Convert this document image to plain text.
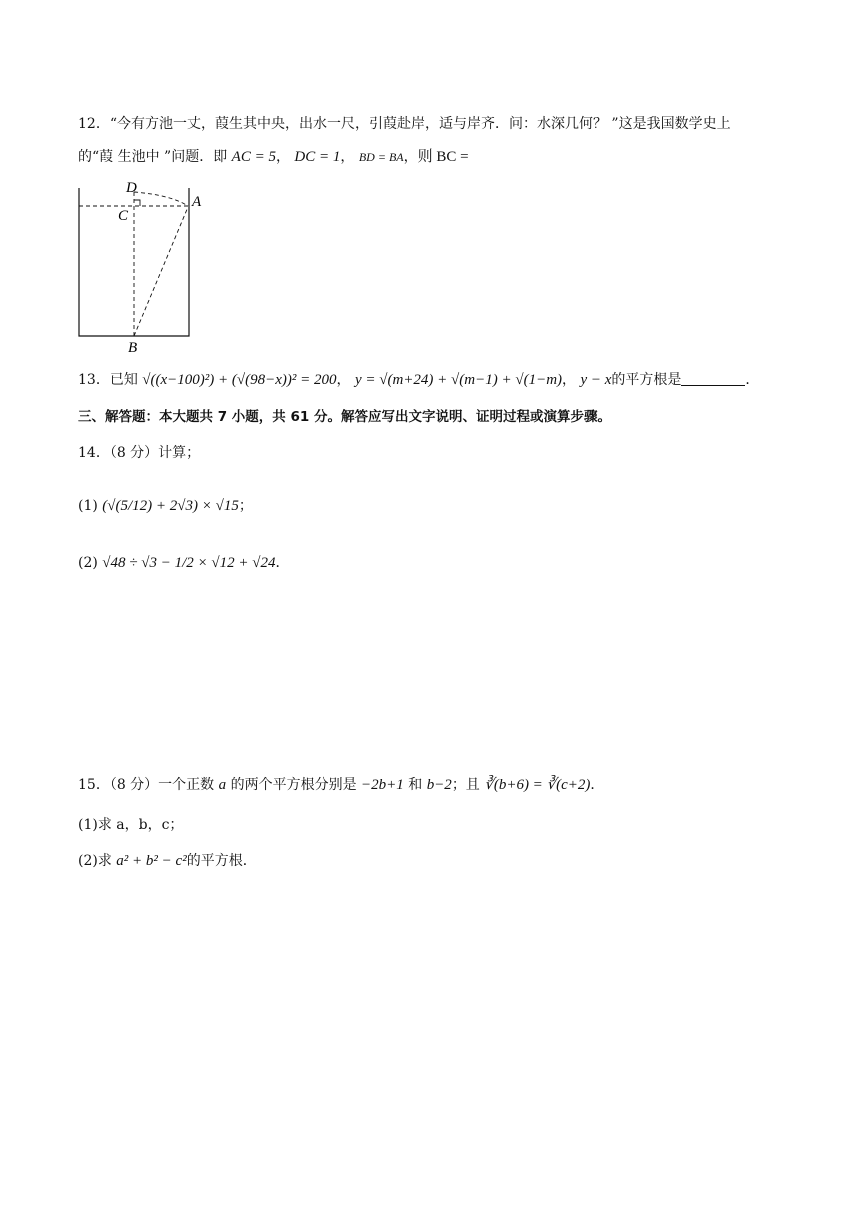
12．“今有方池一丈，葭生其中央，出水一尺，引葭赴岸，适与岸齐．问：水深几何？ ”这是我国数学史上
的“葭 生池中 ”问题．即 AC = 5， DC = 1， BD = BA，则 BC =
D
C
A
B
13．已知 √((x−100)²) + (√(98−x))² = 200， y = √(m+24) + √(m−1) + √(1−m)， y − x的平方根是	．
三、解答题：本大题共 7 小题，共 61 分。解答应写出文字说明、证明过程或演算步骤。
14．（8 分）计算；
(1) (√(5/12) + 2√3) × √15；
(2) √48 ÷ √3 − 1/2 × √12 + √24．
15．（8 分）一个正数 a 的两个平方根分别是 −2b+1 和 b−2；且 ∛(b+6) = ∛(c+2)．
(1)求 a，b，c；
(2)求 a² + b² − c²的平方根．
